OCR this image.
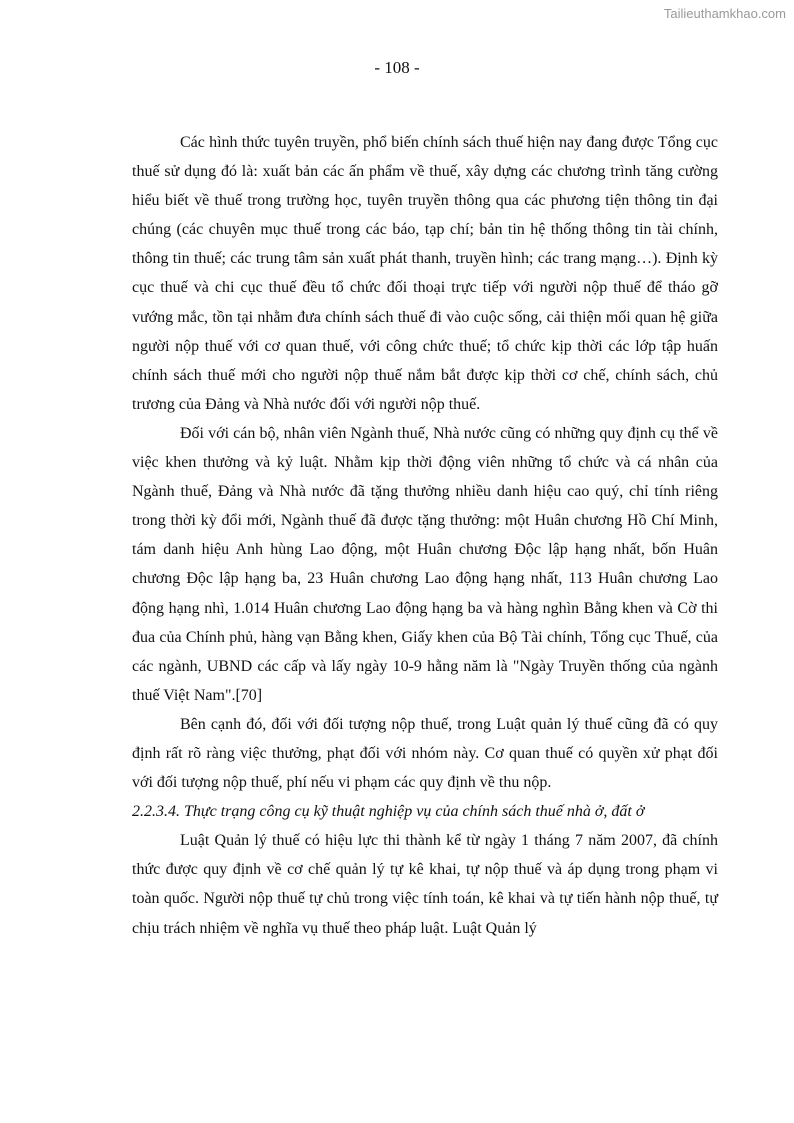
Tailieuthamkhao.com
- 108 -

Các hình thức tuyên truyền, phổ biến chính sách thuế hiện nay đang được Tổng cục thuế sử dụng đó là: xuất bản các ấn phẩm về thuế, xây dựng các chương trình tăng cường hiểu biết về thuế trong trường học, tuyên truyền thông qua các phương tiện thông tin đại chúng (các chuyên mục thuế trong các báo, tạp chí; bản tin hệ thống thông tin tài chính, thông tin thuế; các trung tâm sản xuất phát thanh, truyền hình; các trang mạng…). Định kỳ cục thuế và chi cục thuế đều tổ chức đối thoại trực tiếp với người nộp thuế để tháo gỡ vướng mắc, tồn tại nhằm đưa chính sách thuế đi vào cuộc sống, cải thiện mối quan hệ giữa người nộp thuế với cơ quan thuế, với công chức thuế; tổ chức kịp thời các lớp tập huấn chính sách thuế mới cho người nộp thuế nắm bắt được kịp thời cơ chế, chính sách, chủ trương của Đảng và Nhà nước đối với người nộp thuế.

Đối với cán bộ, nhân viên Ngành thuế, Nhà nước cũng có những quy định cụ thể về việc khen thưởng và kỷ luật. Nhằm kịp thời động viên những tổ chức và cá nhân của Ngành thuế, Đảng và Nhà nước đã tặng thưởng nhiều danh hiệu cao quý, chỉ tính riêng trong thời kỳ đổi mới, Ngành thuế đã được tặng thưởng: một Huân chương Hồ Chí Minh, tám danh hiệu Anh hùng Lao động, một Huân chương Độc lập hạng nhất, bốn Huân chương Độc lập hạng ba, 23 Huân chương Lao động hạng nhất, 113 Huân chương Lao động hạng nhì, 1.014 Huân chương Lao động hạng ba và hàng nghìn Bằng khen và Cờ thi đua của Chính phủ, hàng vạn Bằng khen, Giấy khen của Bộ Tài chính, Tổng cục Thuế, của các ngành, UBND các cấp và lấy ngày 10-9 hằng năm là "Ngày Truyền thống của ngành thuế Việt Nam".[70]

Bên cạnh đó, đối với đối tượng nộp thuế, trong Luật quản lý thuế cũng đã có quy định rất rõ ràng việc thưởng, phạt đối với nhóm này. Cơ quan thuế có quyền xử phạt đối với đối tượng nộp thuế, phí nếu vi phạm các quy định về thu nộp.

2.2.3.4. Thực trạng công cụ kỹ thuật nghiệp vụ của chính sách thuế nhà ở, đất ở

Luật Quản lý thuế có hiệu lực thi thành kể từ ngày 1 tháng 7 năm 2007, đã chính thức được quy định về cơ chế quản lý tự kê khai, tự nộp thuế và áp dụng trong phạm vi toàn quốc. Người nộp thuế tự chủ trong việc tính toán, kê khai và tự tiến hành nộp thuế, tự chịu trách nhiệm về nghĩa vụ thuế theo pháp luật. Luật Quản lý
